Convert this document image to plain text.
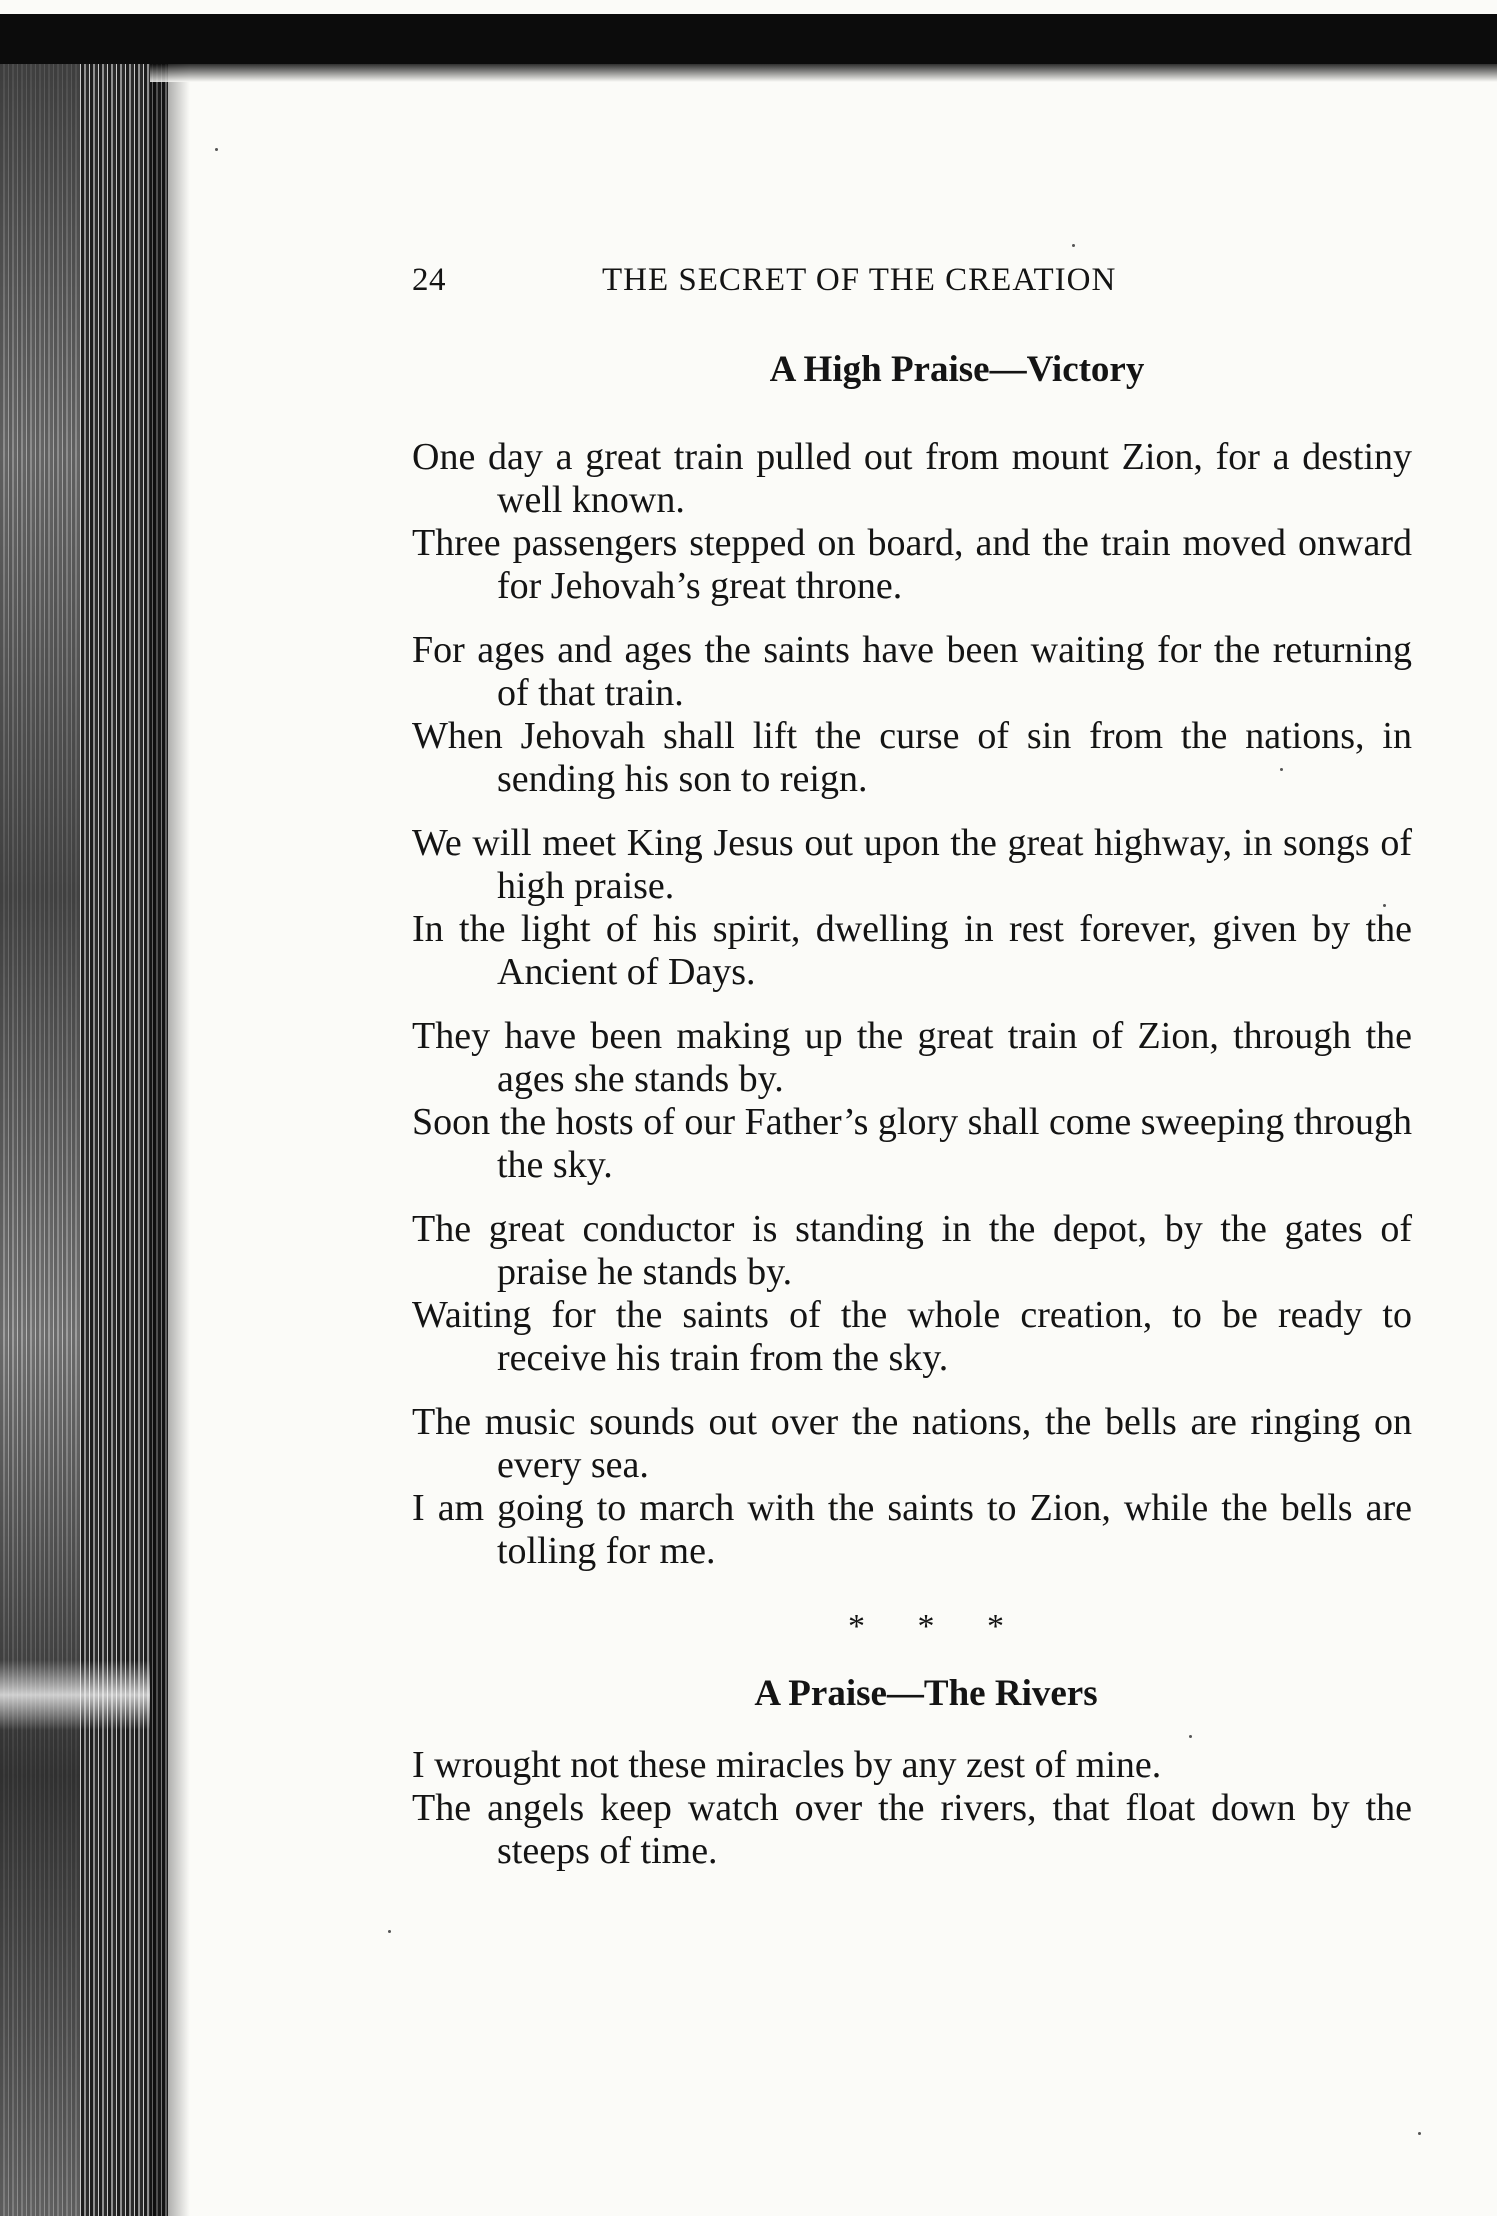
24	THE SECRET OF THE CREATION
A High Praise—Victory
One day a great train pulled out from mount Zion, for a destiny well known.
Three passengers stepped on board, and the train moved onward for Jehovah’s great throne.
For ages and ages the saints have been waiting for the returning of that train.
When Jehovah shall lift the curse of sin from the nations, in sending his son to reign.
We will meet King Jesus out upon the great highway, in songs of high praise.
In the light of his spirit, dwelling in rest forever, given by the Ancient of Days.
They have been making up the great train of Zion, through the ages she stands by.
Soon the hosts of our Father’s glory shall come sweeping through the sky.
The great conductor is standing in the depot, by the gates of praise he stands by.
Waiting for the saints of the whole creation, to be ready to receive his train from the sky.
The music sounds out over the nations, the bells are ringing on every sea.
I am going to march with the saints to Zion, while the bells are tolling for me.
* * *
A Praise—The Rivers
I wrought not these miracles by any zest of mine.
The angels keep watch over the rivers, that float down by the steeps of time.
